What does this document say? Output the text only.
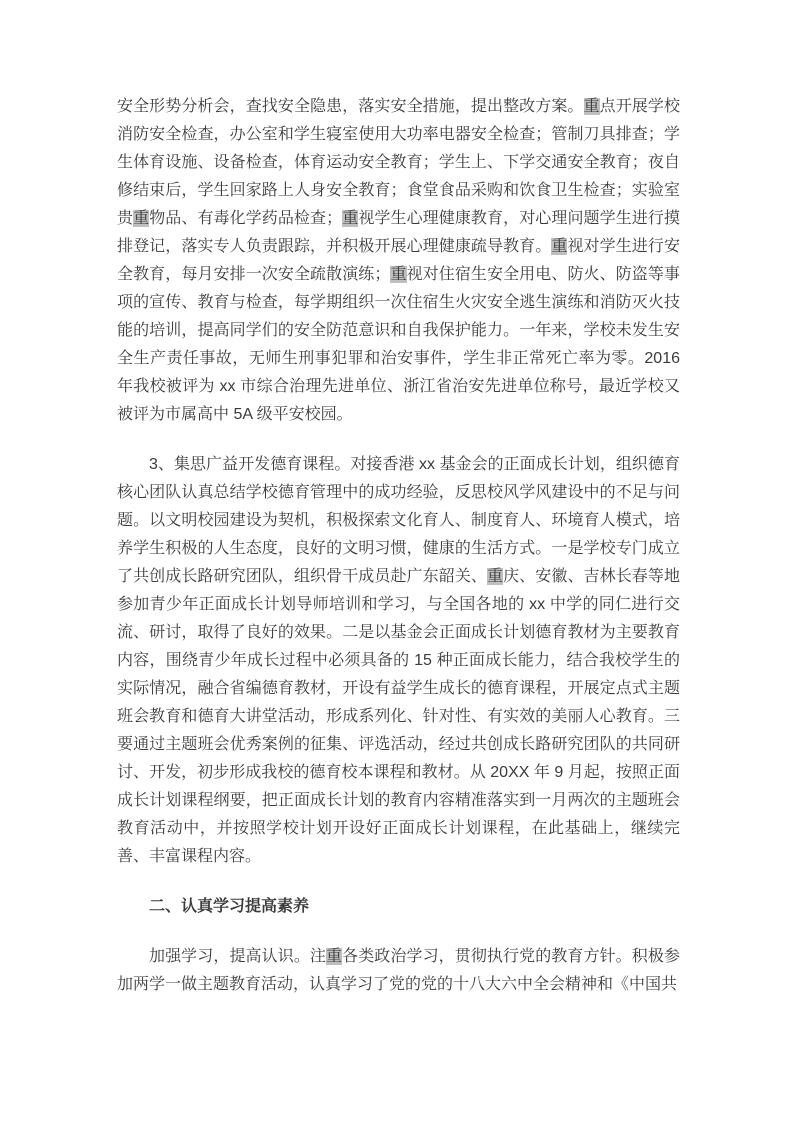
安全形势分析会，查找安全隐患，落实安全措施，提出整改方案。重点开展学校消防安全检查，办公室和学生寝室使用大功率电器安全检查；管制刀具排查；学生体育设施、设备检查，体育运动安全教育；学生上、下学交通安全教育；夜自修结束后，学生回家路上人身安全教育；食堂食品采购和饮食卫生检查；实验室贵重物品、有毒化学药品检查；重视学生心理健康教育，对心理问题学生进行摸排登记，落实专人负责跟踪，并积极开展心理健康疏导教育。重视对学生进行安全教育，每月安排一次安全疏散演练；重视对住宿生安全用电、防火、防盗等事项的宣传、教育与检查，每学期组织一次住宿生火灾安全逃生演练和消防灭火技能的培训，提高同学们的安全防范意识和自我保护能力。一年来，学校未发生安全生产责任事故，无师生刑事犯罪和治安事件，学生非正常死亡率为零。2016 年我校被评为 xx 市综合治理先进单位、浙江省治安先进单位称号，最近学校又被评为市属高中 5A 级平安校园。
3、集思广益开发德育课程。对接香港 xx 基金会的正面成长计划，组织德育核心团队认真总结学校德育管理中的成功经验，反思校风学风建设中的不足与问题。以文明校园建设为契机，积极探索文化育人、制度育人、环境育人模式，培养学生积极的人生态度，良好的文明习惯，健康的生活方式。一是学校专门成立了共创成长路研究团队，组织骨干成员赴广东韶关、重庆、安徽、吉林长春等地参加青少年正面成长计划导师培训和学习，与全国各地的 xx 中学的同仁进行交流、研讨，取得了良好的效果。二是以基金会正面成长计划德育教材为主要教育内容，围绕青少年成长过程中必须具备的 15 种正面成长能力，结合我校学生的实际情况，融合省编德育教材，开设有益学生成长的德育课程，开展定点式主题班会教育和德育大讲堂活动，形成系列化、针对性、有实效的美丽人心教育。三要通过主题班会优秀案例的征集、评选活动，经过共创成长路研究团队的共同研讨、开发，初步形成我校的德育校本课程和教材。从 20XX 年 9 月起，按照正面成长计划课程纲要，把正面成长计划的教育内容精准落实到一月两次的主题班会教育活动中，并按照学校计划开设好正面成长计划课程，在此基础上，继续完善、丰富课程内容。
二、认真学习提高素养
加强学习，提高认识。注重各类政治学习，贯彻执行党的教育方针。积极参加两学一做主题教育活动，认真学习了党的党的十八大六中全会精神和《中国共
